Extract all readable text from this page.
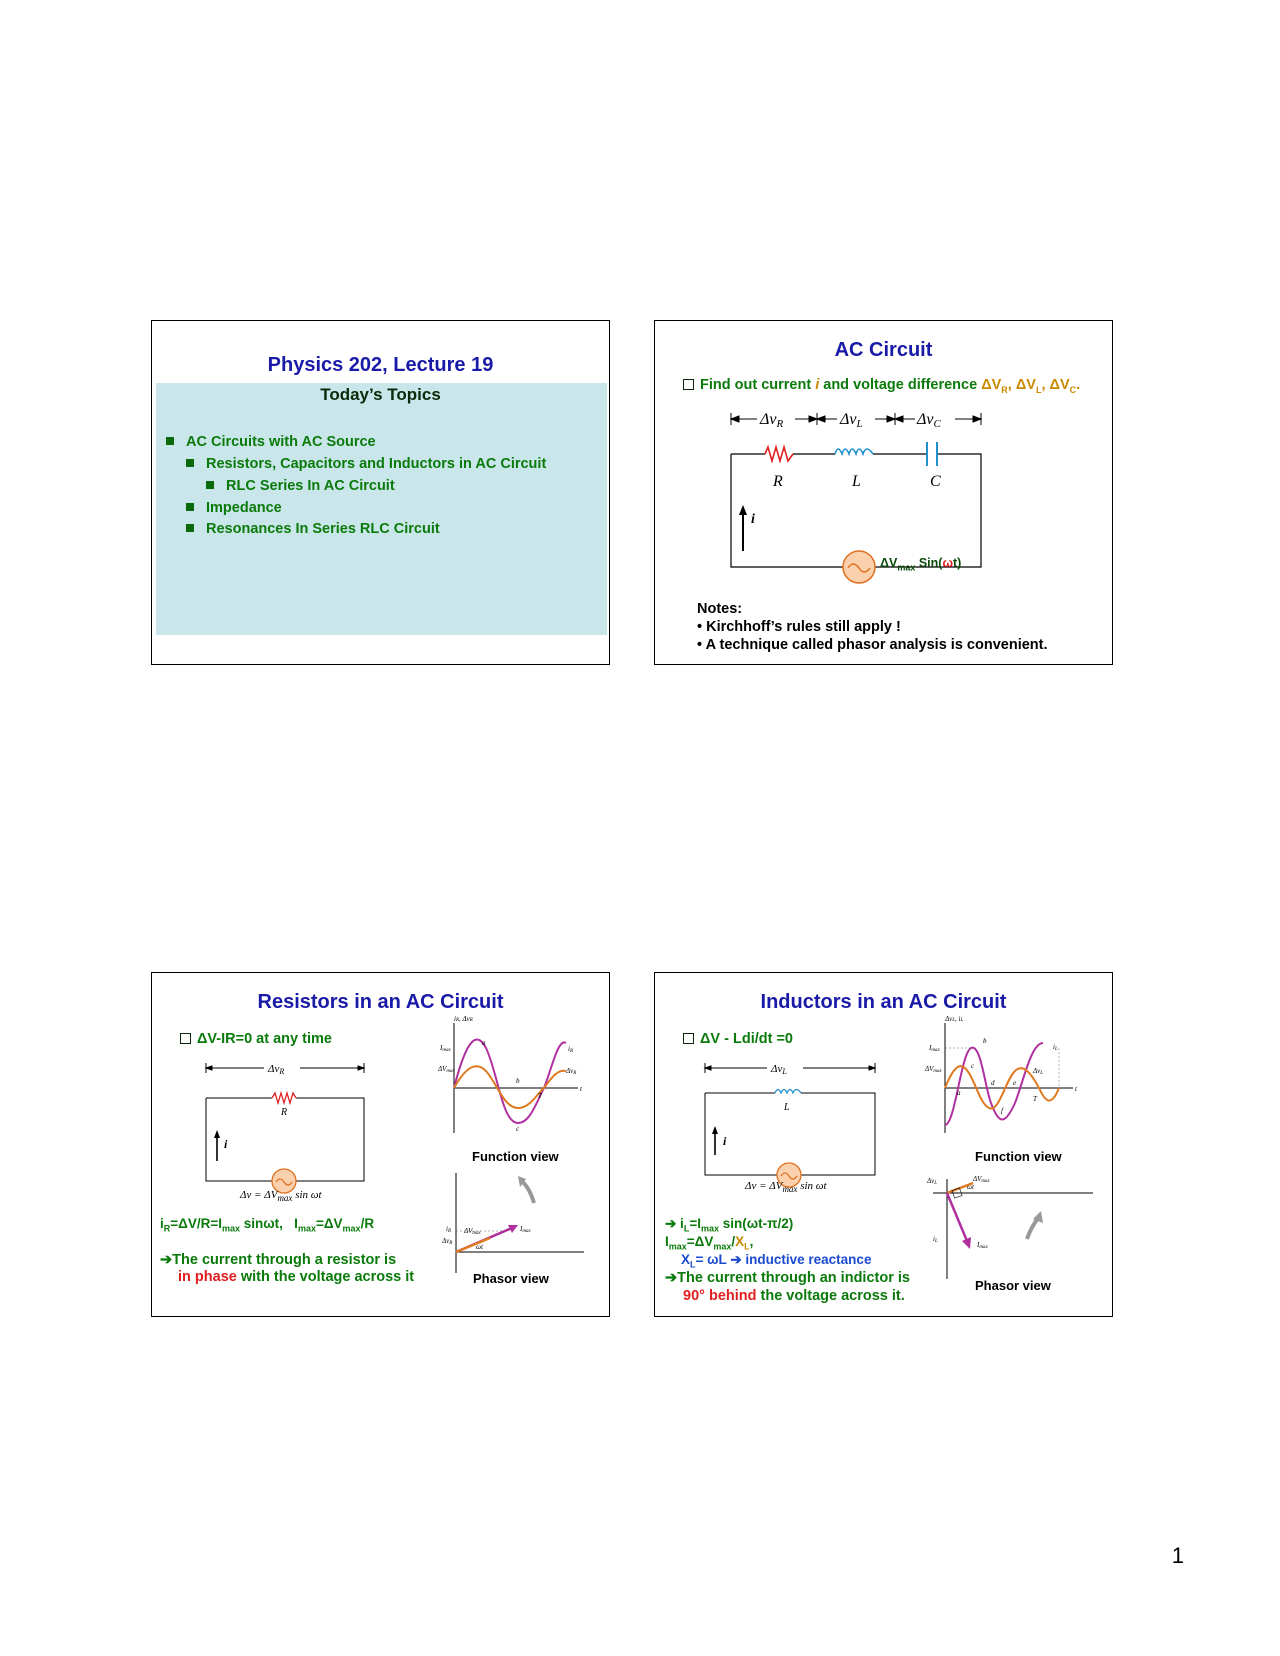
Physics 202, Lecture 19
Today’s Topics
AC Circuits with AC Source
Resistors, Capacitors and Inductors in AC Circuit
RLC Series In AC Circuit
Impedance
Resonances In Series RLC Circuit
AC Circuit
Find out current i and voltage difference $\Delta V_R$, $\Delta V_L$, $\Delta V_C$.
ΔvR	ΔvL	ΔvC
R	L	C
i
$\Delta V_{max}$ Sin(ωt)
Notes:
• Kirchhoff’s rules still apply !
• A technique called phasor analysis is convenient.
Resistors in an AC Circuit
ΔV-IR=0 at any time
ΔvR
R
i
$\Delta v = \Delta V_{max}$ sin ωt
Imax
ΔVmax
a
b
c
T
t
iR
ΔvR
iR, ΔvR
Function view
iR
ΔvR
Imax
ΔVmax
ωt
Phasor view
$i_R=\Delta V/R=I_{max}$ sinωt,   $I_{max}=\Delta V_{max}/R$
➔The current through a resistor is
in phase with the voltage across it
Inductors in an AC Circuit
ΔV - Ldi/dt =0
ΔvL
L
i
$\Delta v = \Delta V_{max}$ sin ωt
Imax
ΔVmax
b
c
a
d	e
f
T
t
iL
ΔvL
ΔvL, iL
Function view
ΔvL
ΔVmax
ωt
iL	Imax
Phasor view
➔ $i_L=I_{max}$ sin(ωt-π/2)
$I_{max}=\Delta V_{max}/X_L$,
$X_L= \omega L$ ➔ inductive reactance
➔The current through an indictor is
90° behind the voltage across it.
1
